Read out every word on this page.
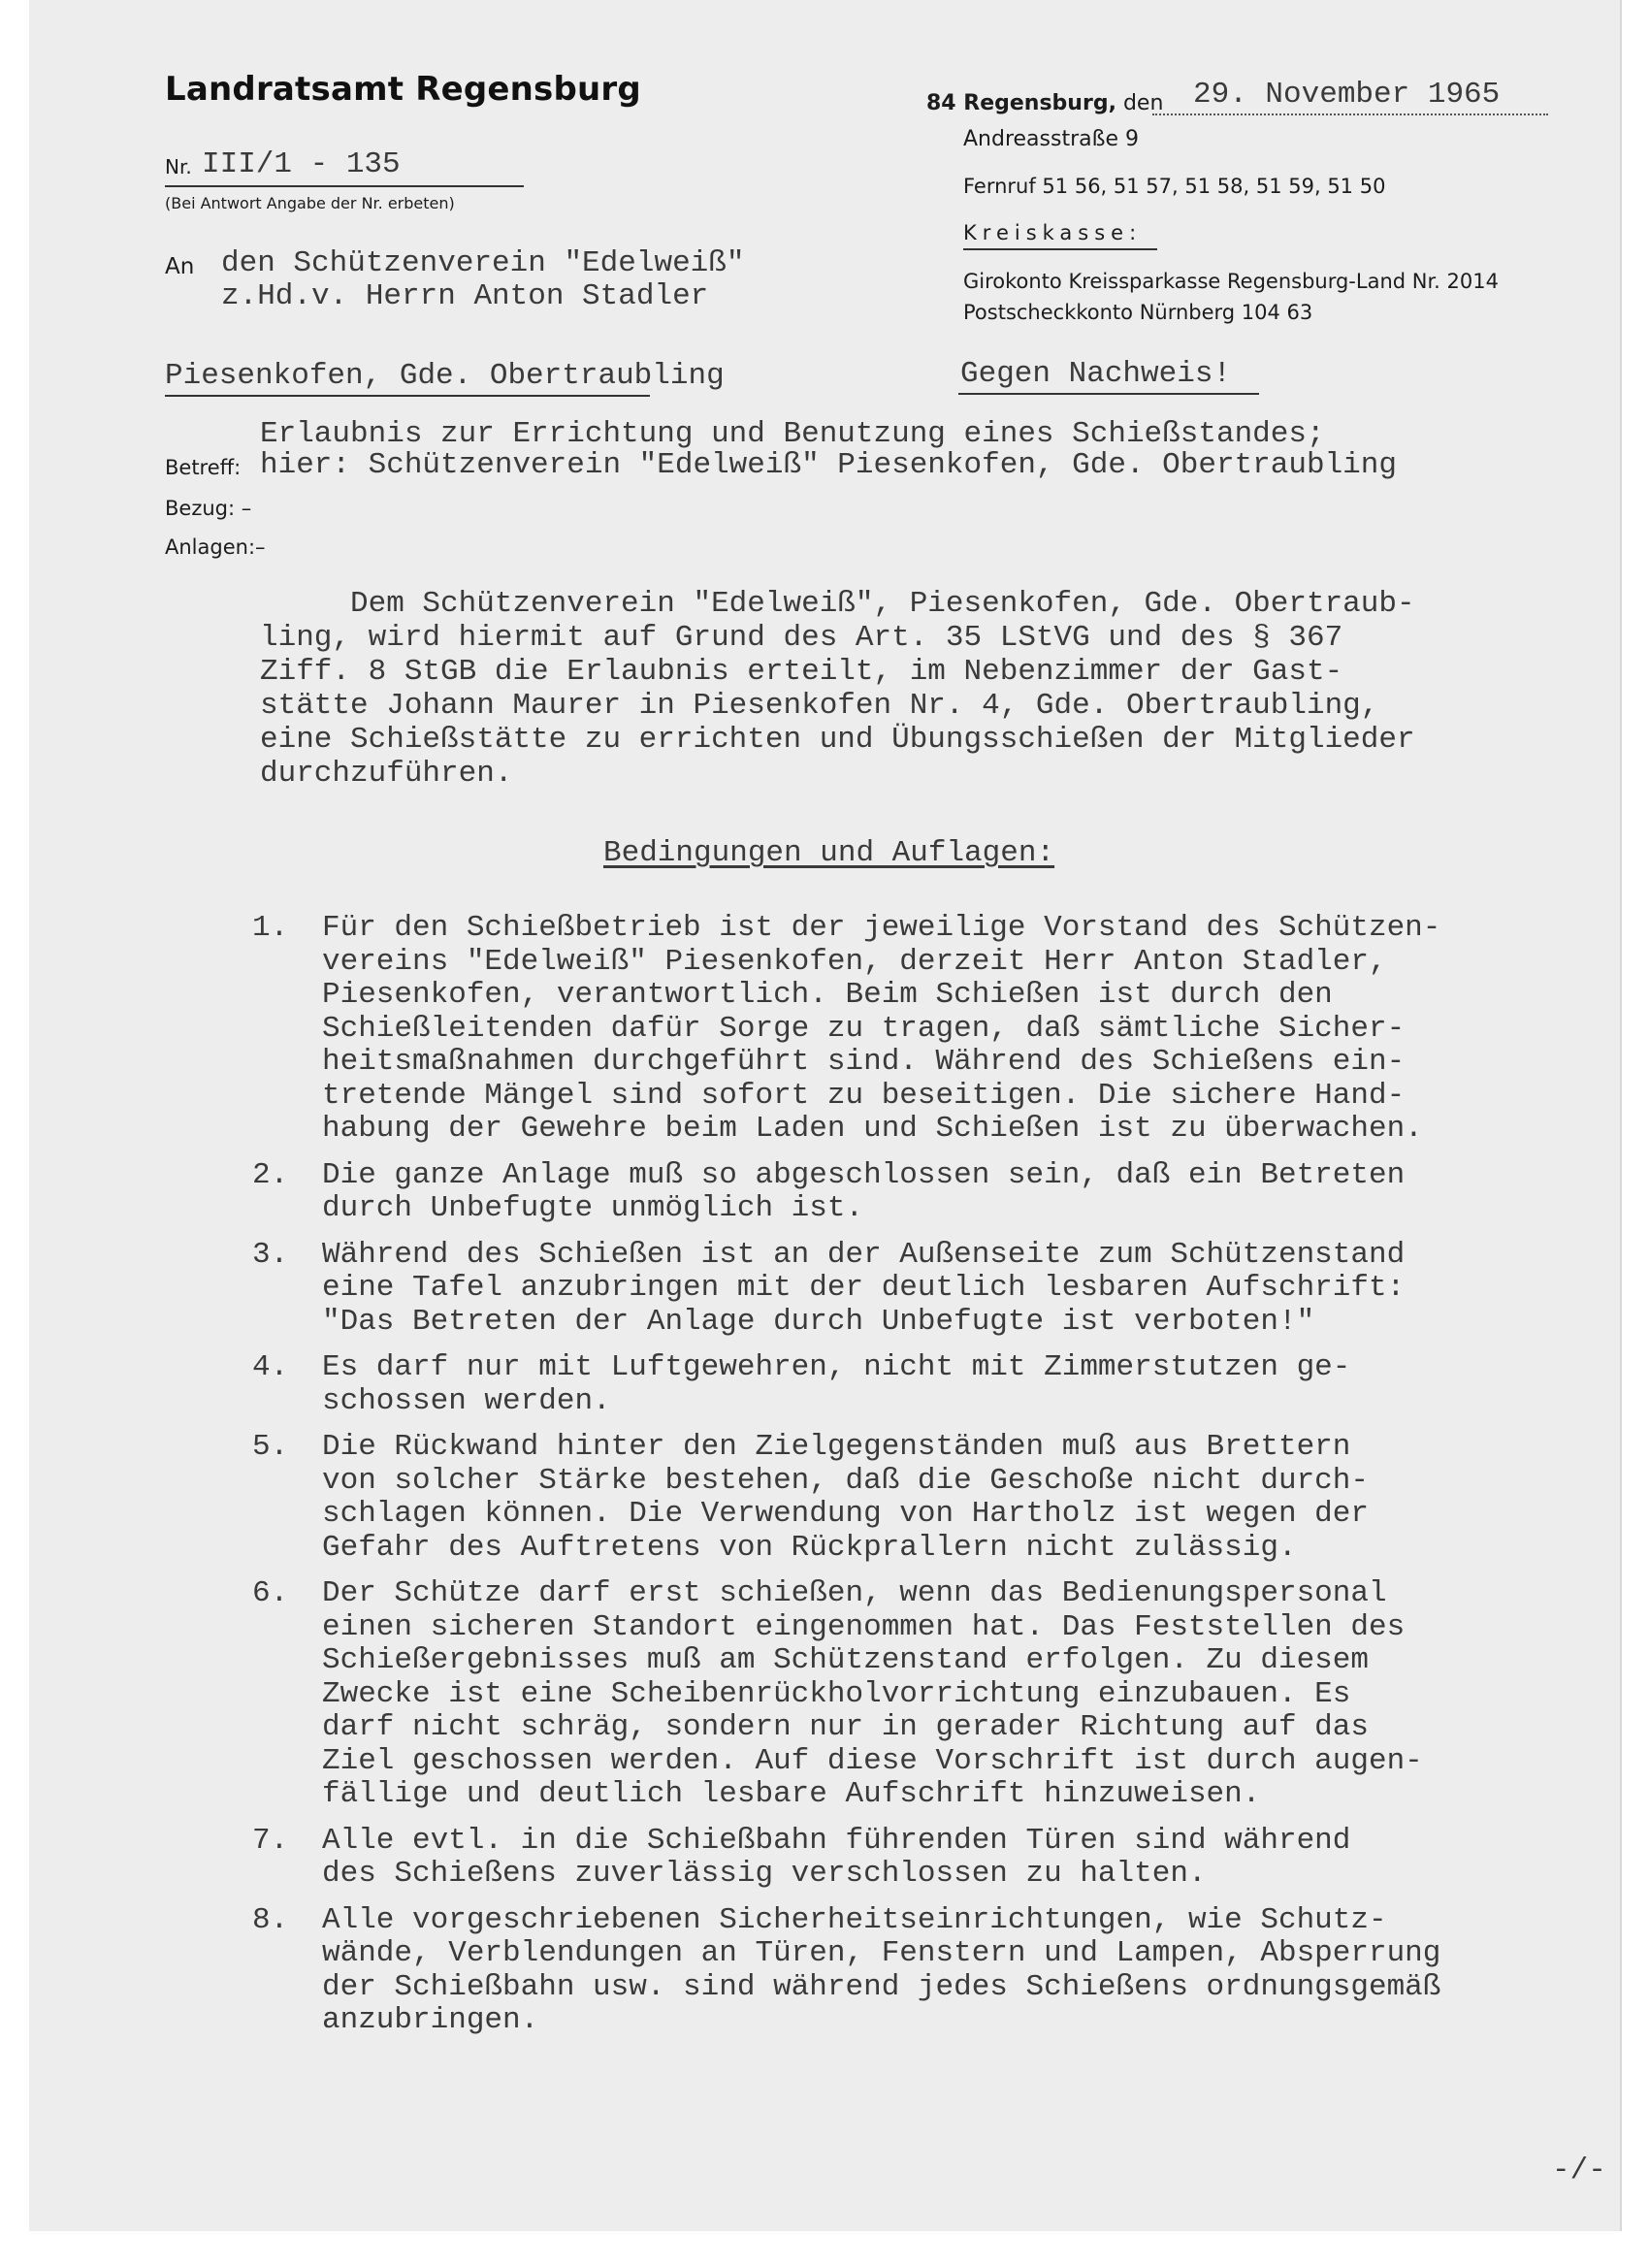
Landratsamt Regensburg
Nr. III/1 - 135
(Bei Antwort Angabe der Nr. erbeten)
An den Schützenverein "Edelweiß"
z.Hd.v. Herrn Anton Stadler
Piesenkofen, Gde. Obertraubling
84 Regensburg, den 29. November 1965
Andreasstraße 9
Fernruf 51 56, 51 57, 51 58, 51 59, 51 50
Kreiskasse:
Girokonto Kreissparkasse Regensburg-Land Nr. 2014
Postscheckkonto Nürnberg 104 63
Gegen Nachweis!
Erlaubnis zur Errichtung und Benutzung eines Schießstandes;
Betreff: hier: Schützenverein "Edelweiß" Piesenkofen, Gde. Obertraubling
Bezug: –
Anlagen:–
Dem Schützenverein "Edelweiß", Piesenkofen, Gde. Obertraub-
ling, wird hiermit auf Grund des Art. 35 LStVG und des § 367
Ziff. 8 StGB die Erlaubnis erteilt, im Nebenzimmer der Gast-
stätte Johann Maurer in Piesenkofen Nr. 4, Gde. Obertraubling,
eine Schießstätte zu errichten und Übungsschießen der Mitglieder
durchzuführen.
Bedingungen und Auflagen:
1. Für den Schießbetrieb ist der jeweilige Vorstand des Schützen-
vereins "Edelweiß" Piesenkofen, derzeit Herr Anton Stadler,
Piesenkofen, verantwortlich. Beim Schießen ist durch den
Schießleitenden dafür Sorge zu tragen, daß sämtliche Sicher-
heitsmaßnahmen durchgeführt sind. Während des Schießens ein-
tretende Mängel sind sofort zu beseitigen. Die sichere Hand-
habung der Gewehre beim Laden und Schießen ist zu überwachen.
2. Die ganze Anlage muß so abgeschlossen sein, daß ein Betreten
durch Unbefugte unmöglich ist.
3. Während des Schießen ist an der Außenseite zum Schützenstand
eine Tafel anzubringen mit der deutlich lesbaren Aufschrift:
"Das Betreten der Anlage durch Unbefugte ist verboten!"
4. Es darf nur mit Luftgewehren, nicht mit Zimmerstutzen ge-
schossen werden.
5. Die Rückwand hinter den Zielgegenständen muß aus Brettern
von solcher Stärke bestehen, daß die Geschoße nicht durch-
schlagen können. Die Verwendung von Hartholz ist wegen der
Gefahr des Auftretens von Rückprallern nicht zulässig.
6. Der Schütze darf erst schießen, wenn das Bedienungspersonal
einen sicheren Standort eingenommen hat. Das Feststellen des
Schießergebnisses muß am Schützenstand erfolgen. Zu diesem
Zwecke ist eine Scheibenrückholvorrichtung einzubauen. Es
darf nicht schräg, sondern nur in gerader Richtung auf das
Ziel geschossen werden. Auf diese Vorschrift ist durch augen-
fällige und deutlich lesbare Aufschrift hinzuweisen.
7. Alle evtl. in die Schießbahn führenden Türen sind während
des Schießens zuverlässig verschlossen zu halten.
8. Alle vorgeschriebenen Sicherheitseinrichtungen, wie Schutz-
wände, Verblendungen an Türen, Fenstern und Lampen, Absperrung
der Schießbahn usw. sind während jedes Schießens ordnungsgemäß
anzubringen.
-/-
